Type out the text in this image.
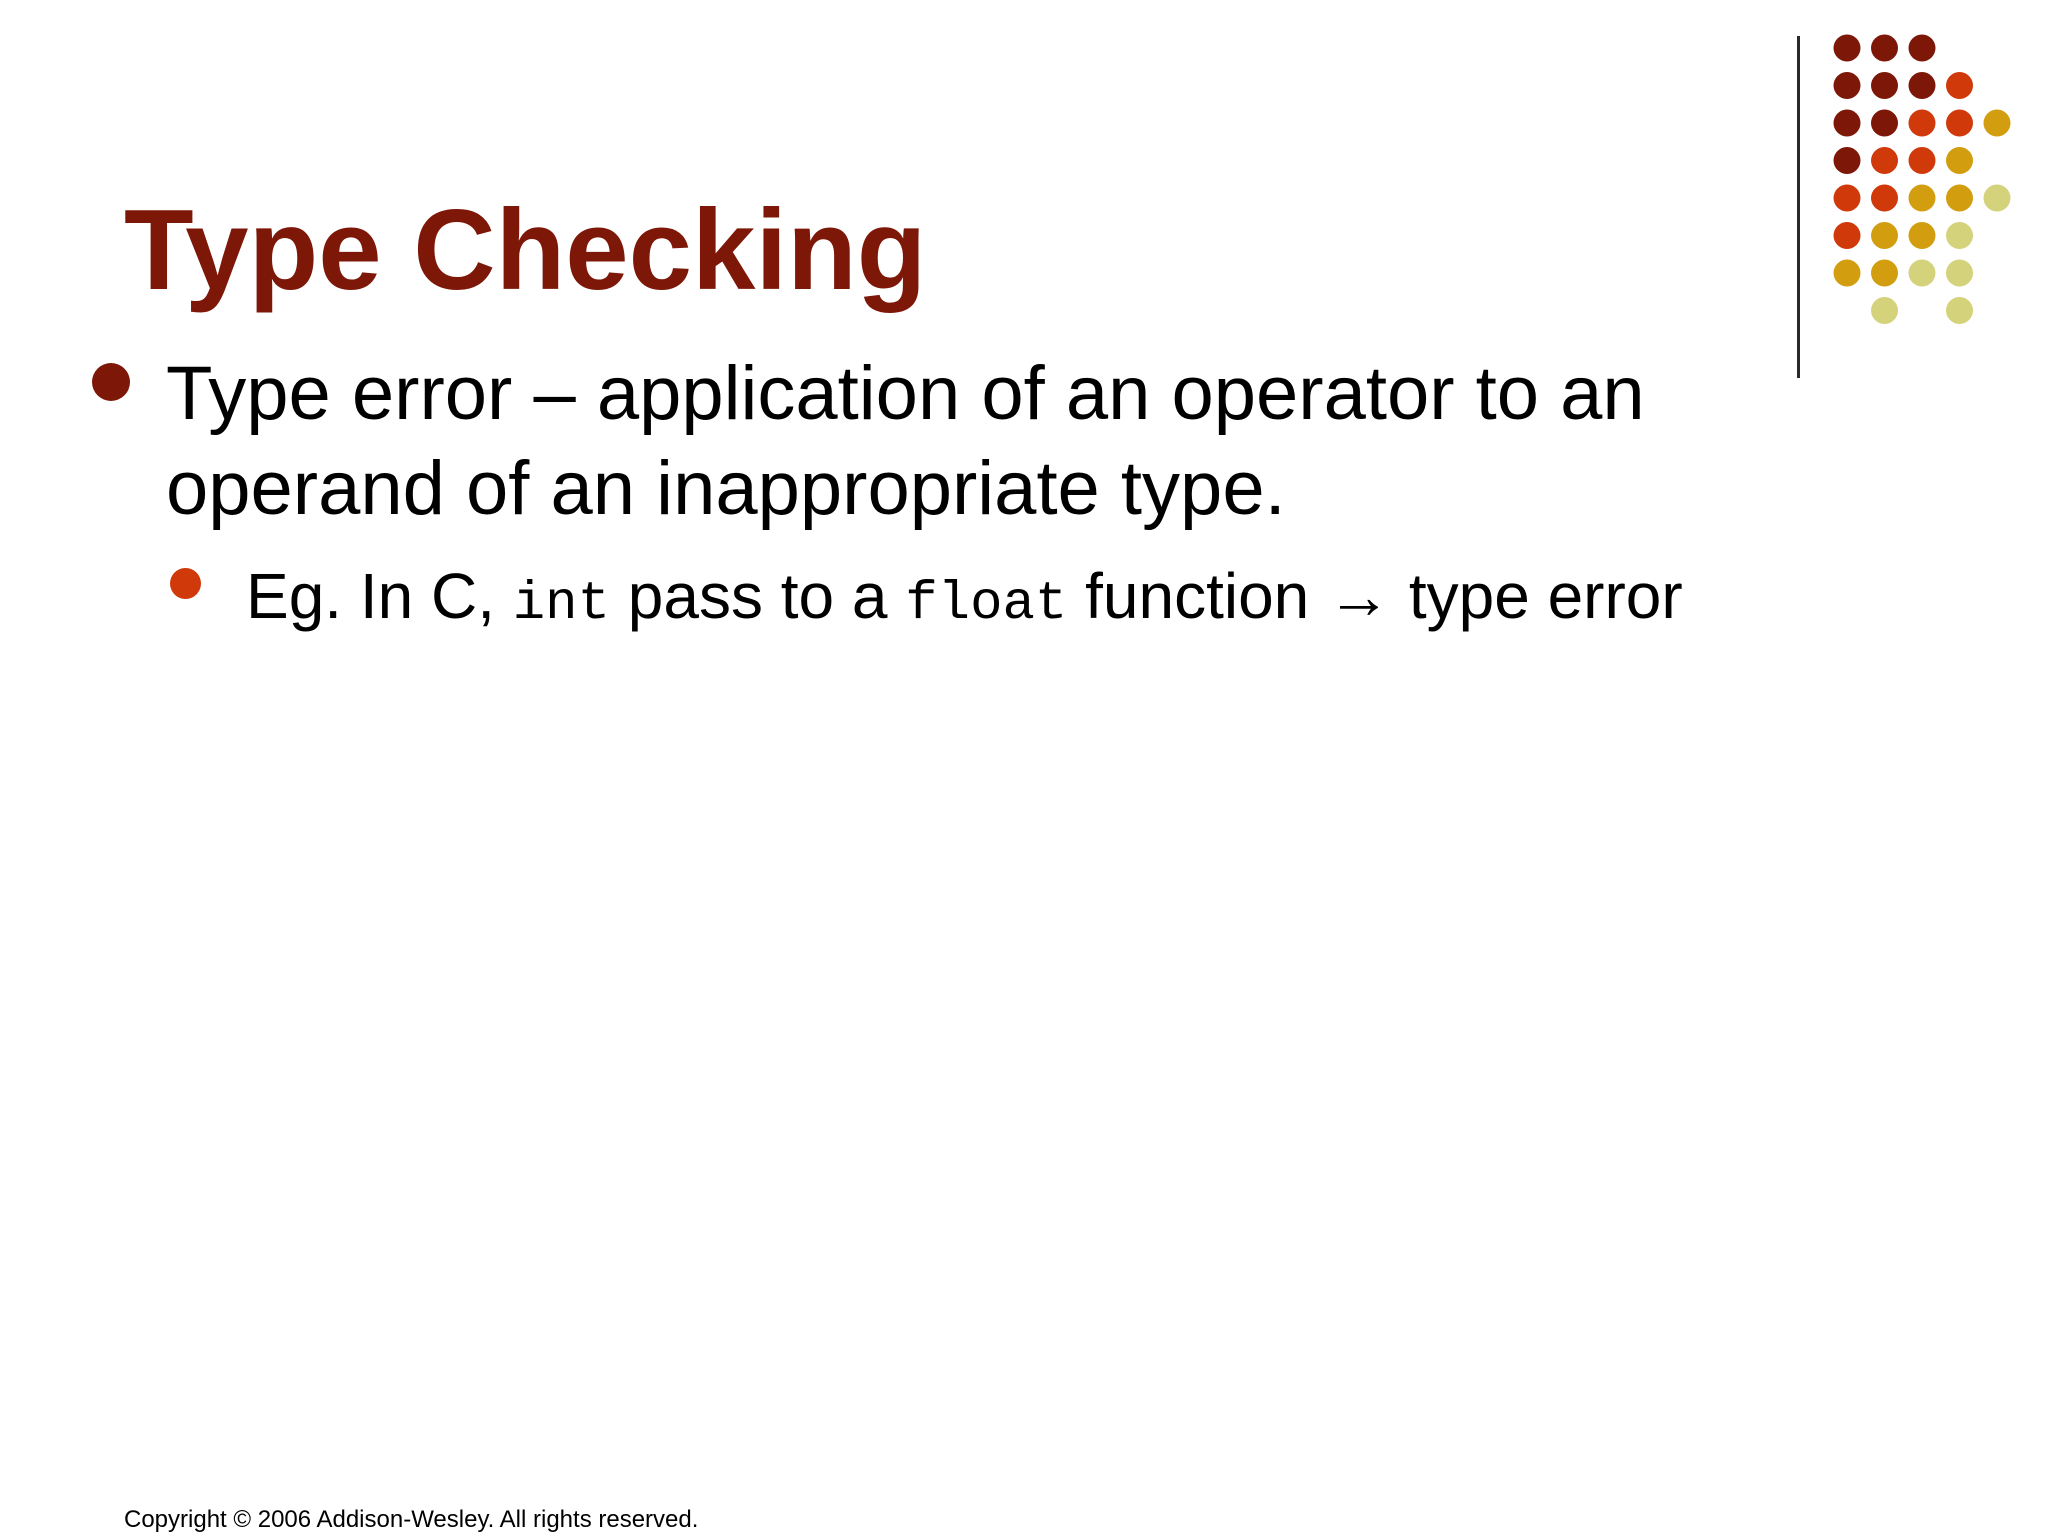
Type Checking
Type error – application of an operator to an operand of an inappropriate type.
Eg. In C, int pass to a float function → type error
Copyright © 2006 Addison-Wesley. All rights reserved.
